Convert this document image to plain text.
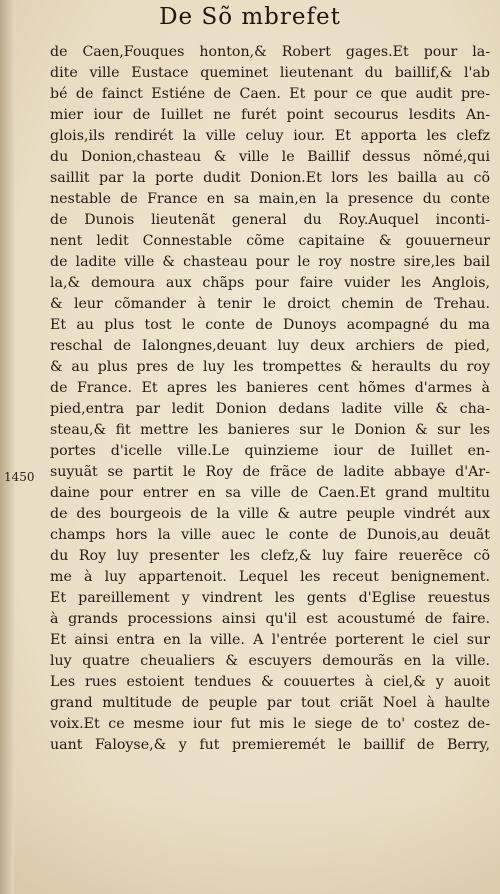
De Sõ mbrefet
1450
de Caen,Fouques honton,& Robert gages.Et pour la-
dite ville Eustace queminet lieutenant du baillif,& l'ab
bé de fainct Estiéne de Caen. Et pour ce que audit pre-
mier iour de Iuillet ne furét point secourus lesdits An-
glois,ils rendirét la ville celuy iour. Et apporta les clefz
du Donion,chasteau & ville le Baillif dessus nõmé,qui
saillit par la porte dudit Donion.Et lors les bailla au cõ
nestable de France en sa main,en la presence du conte
de Dunois lieutenãt general du Roy.Auquel inconti-
nent ledit Connestable cõme capitaine & gouuerneur
de ladite ville & chasteau pour le roy nostre sire,les bail
la,& demoura aux chãps pour faire vuider les Anglois,
& leur cõmander à tenir le droict chemin de Trehau.
Et au plus tost le conte de Dunoys acompagné du ma
reschal de Ialongnes,deuant luy deux archiers de pied,
& au plus pres de luy les trompettes & heraults du roy
de France. Et apres les banieres cent hõmes d'armes à
pied,entra par ledit Donion dedans ladite ville & cha-
steau,& fit mettre les banieres sur le Donion & sur les
portes d'icelle ville.Le quinzieme iour de Iuillet en-
suyuãt se partit le Roy de frãce de ladite abbaye d'Ar-
daine pour entrer en sa ville de Caen.Et grand multitu
de des bourgeois de la ville & autre peuple vindrét aux
champs hors la ville auec le conte de Dunois,au deuãt
du Roy luy presenter les clefz,& luy faire reuerẽce cõ
me à luy appartenoit. Lequel les receut benignement.
Et pareillement y vindrent les gents d'Eglise reuestus
à grands processions ainsi qu'il est acoustumé de faire.
Et ainsi entra en la ville. A l'entrée porterent le ciel sur
luy quatre cheualiers & escuyers demourãs en la ville.
Les rues estoient tendues & couuertes à ciel,& y auoit
grand multitude de peuple par tout criãt Noel à haulte
voix.Et ce mesme iour fut mis le siege de to' costez de-
uant Faloyse,& y fut premieremét le baillif de Berry,
